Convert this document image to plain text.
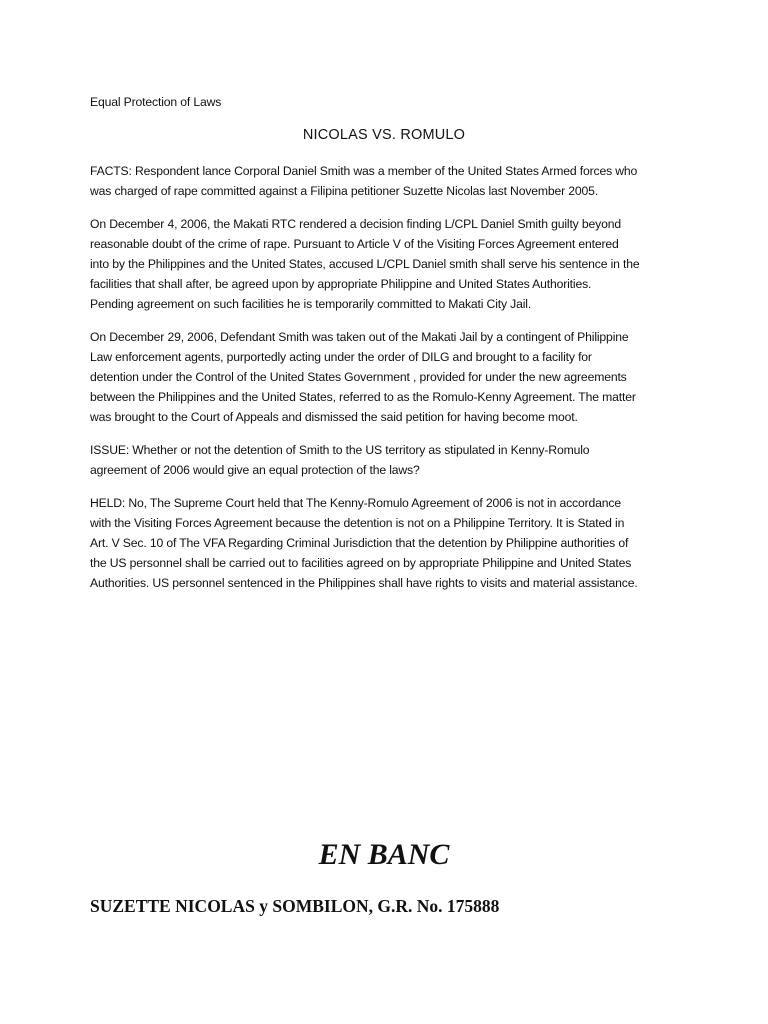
Equal Protection of Laws
NICOLAS VS. ROMULO
FACTS: Respondent lance Corporal Daniel Smith was a member of the United States Armed forces who
was charged of rape committed against a Filipina petitioner Suzette Nicolas last November 2005.
On December 4, 2006, the Makati RTC rendered a decision finding L/CPL Daniel Smith guilty beyond
reasonable doubt of the crime of rape. Pursuant to Article V of the Visiting Forces Agreement entered
into by the Philippines and the United States, accused L/CPL Daniel smith shall serve his sentence in the
facilities that shall after, be agreed upon by appropriate Philippine and United States Authorities.
Pending agreement on such facilities he is temporarily committed to Makati City Jail.
On December 29, 2006, Defendant Smith was taken out of the Makati Jail by a contingent of Philippine
Law enforcement agents, purportedly acting under the order of DILG and brought to a facility for
detention under the Control of the United States Government , provided for under the new agreements
between the Philippines and the United States, referred to as the Romulo-Kenny Agreement. The matter
was brought to the Court of Appeals and dismissed the said petition for having become moot.
ISSUE: Whether or not the detention of Smith to the US territory as stipulated in Kenny-Romulo
agreement of 2006 would give an equal protection of the laws?
HELD: No, The Supreme Court held that The Kenny-Romulo Agreement of 2006 is not in accordance
with the Visiting Forces Agreement because the detention is not on a Philippine Territory. It is Stated in
Art. V Sec. 10 of The VFA Regarding Criminal Jurisdiction that the detention by Philippine authorities of
the US personnel shall be carried out to facilities agreed on by appropriate Philippine and United States
Authorities. US personnel sentenced in the Philippines shall have rights to visits and material assistance.
EN BANC
SUZETTE NICOLAS y SOMBILON, G.R. No. 175888
